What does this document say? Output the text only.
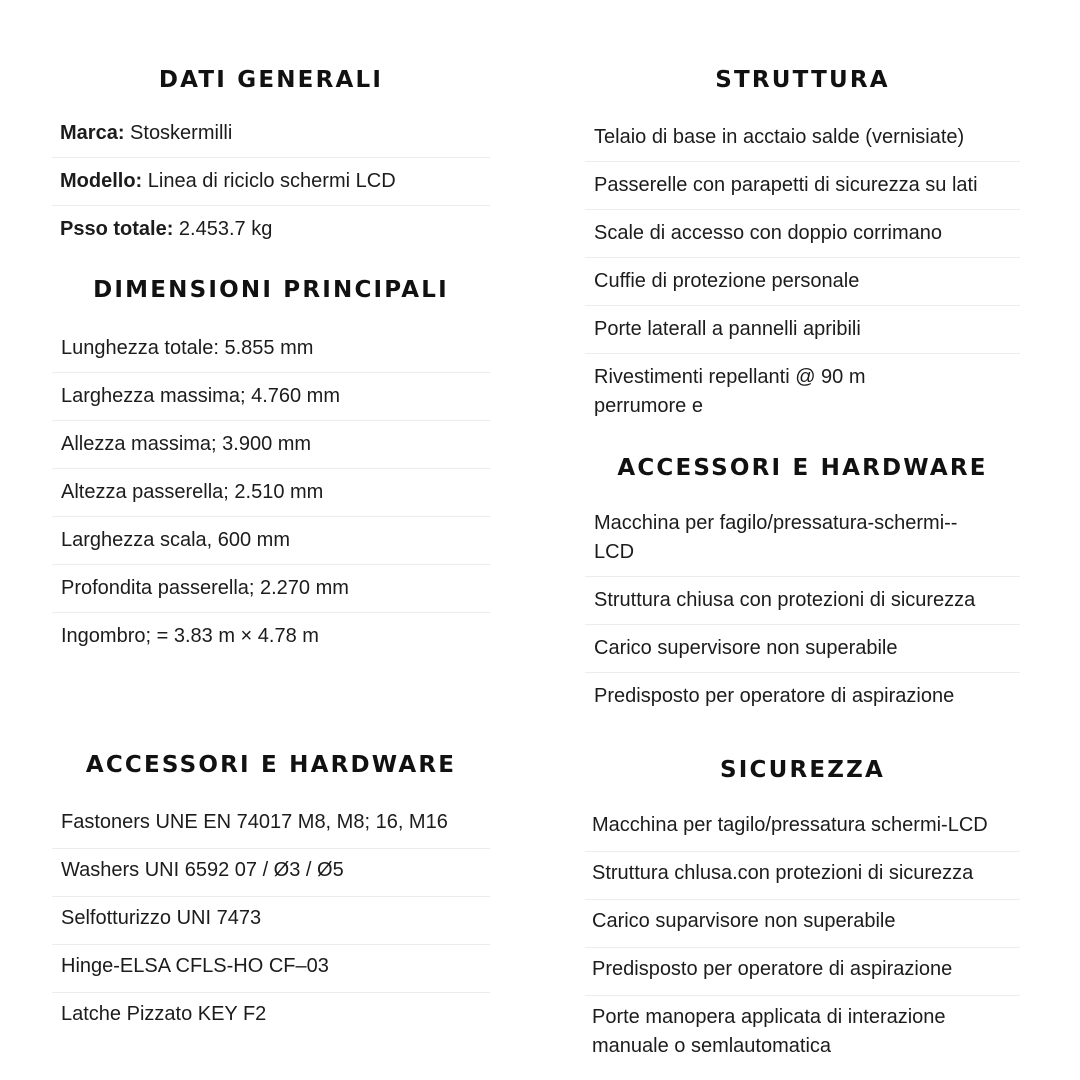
DATI GENERALI
Marca: Stoskermilli
Modello: Linea di riciclo schermi LCD
Psso totale: 2.453.7 kg
DIMENSIONI PRINCIPALI
Lunghezza totale: 5.855 mm
Larghezza massima; 4.760 mm
Allezza massima; 3.900 mm
Altezza passerella; 2.510 mm
Larghezza scala, 600 mm
Profondita passerella; 2.270 mm
Ingombro; = 3.83 m × 4.78 m
ACCESSORI E HARDWARE
Fastoners UNE EN 74017 M8, M8; 16, M16
Washers UNI 6592 07 / Ø3 / Ø5
Selfotturizzo UNI 7473
Hinge-ELSA CFLS-HO CF–03
Latche Pizzato KEY F2
STRUTTURA
Telaio di base in acctaio salde (vernisiate)
Passerelle con parapetti di sicurezza su lati
Scale di accesso con doppio corrimano
Cuffie di protezione personale
Porte laterall a pannelli apribili
Rivestimenti repellanti @ 90 m perrumore e
ACCESSORI E HARDWARE
Macchina per fagilo/pressatura-schermi--LCD
Struttura chiusa con protezioni di sicurezza
Carico supervisore non superabile
Predisposto per operatore di aspirazione
SICUREZZA
Macchina per tagilo/pressatura schermi-LCD
Struttura chlusa.con protezioni di sicurezza
Carico suparvisore non superabile
Predisposto per operatore di aspirazione
Porte manopera applicata di interazione manuale o semlautomatica
